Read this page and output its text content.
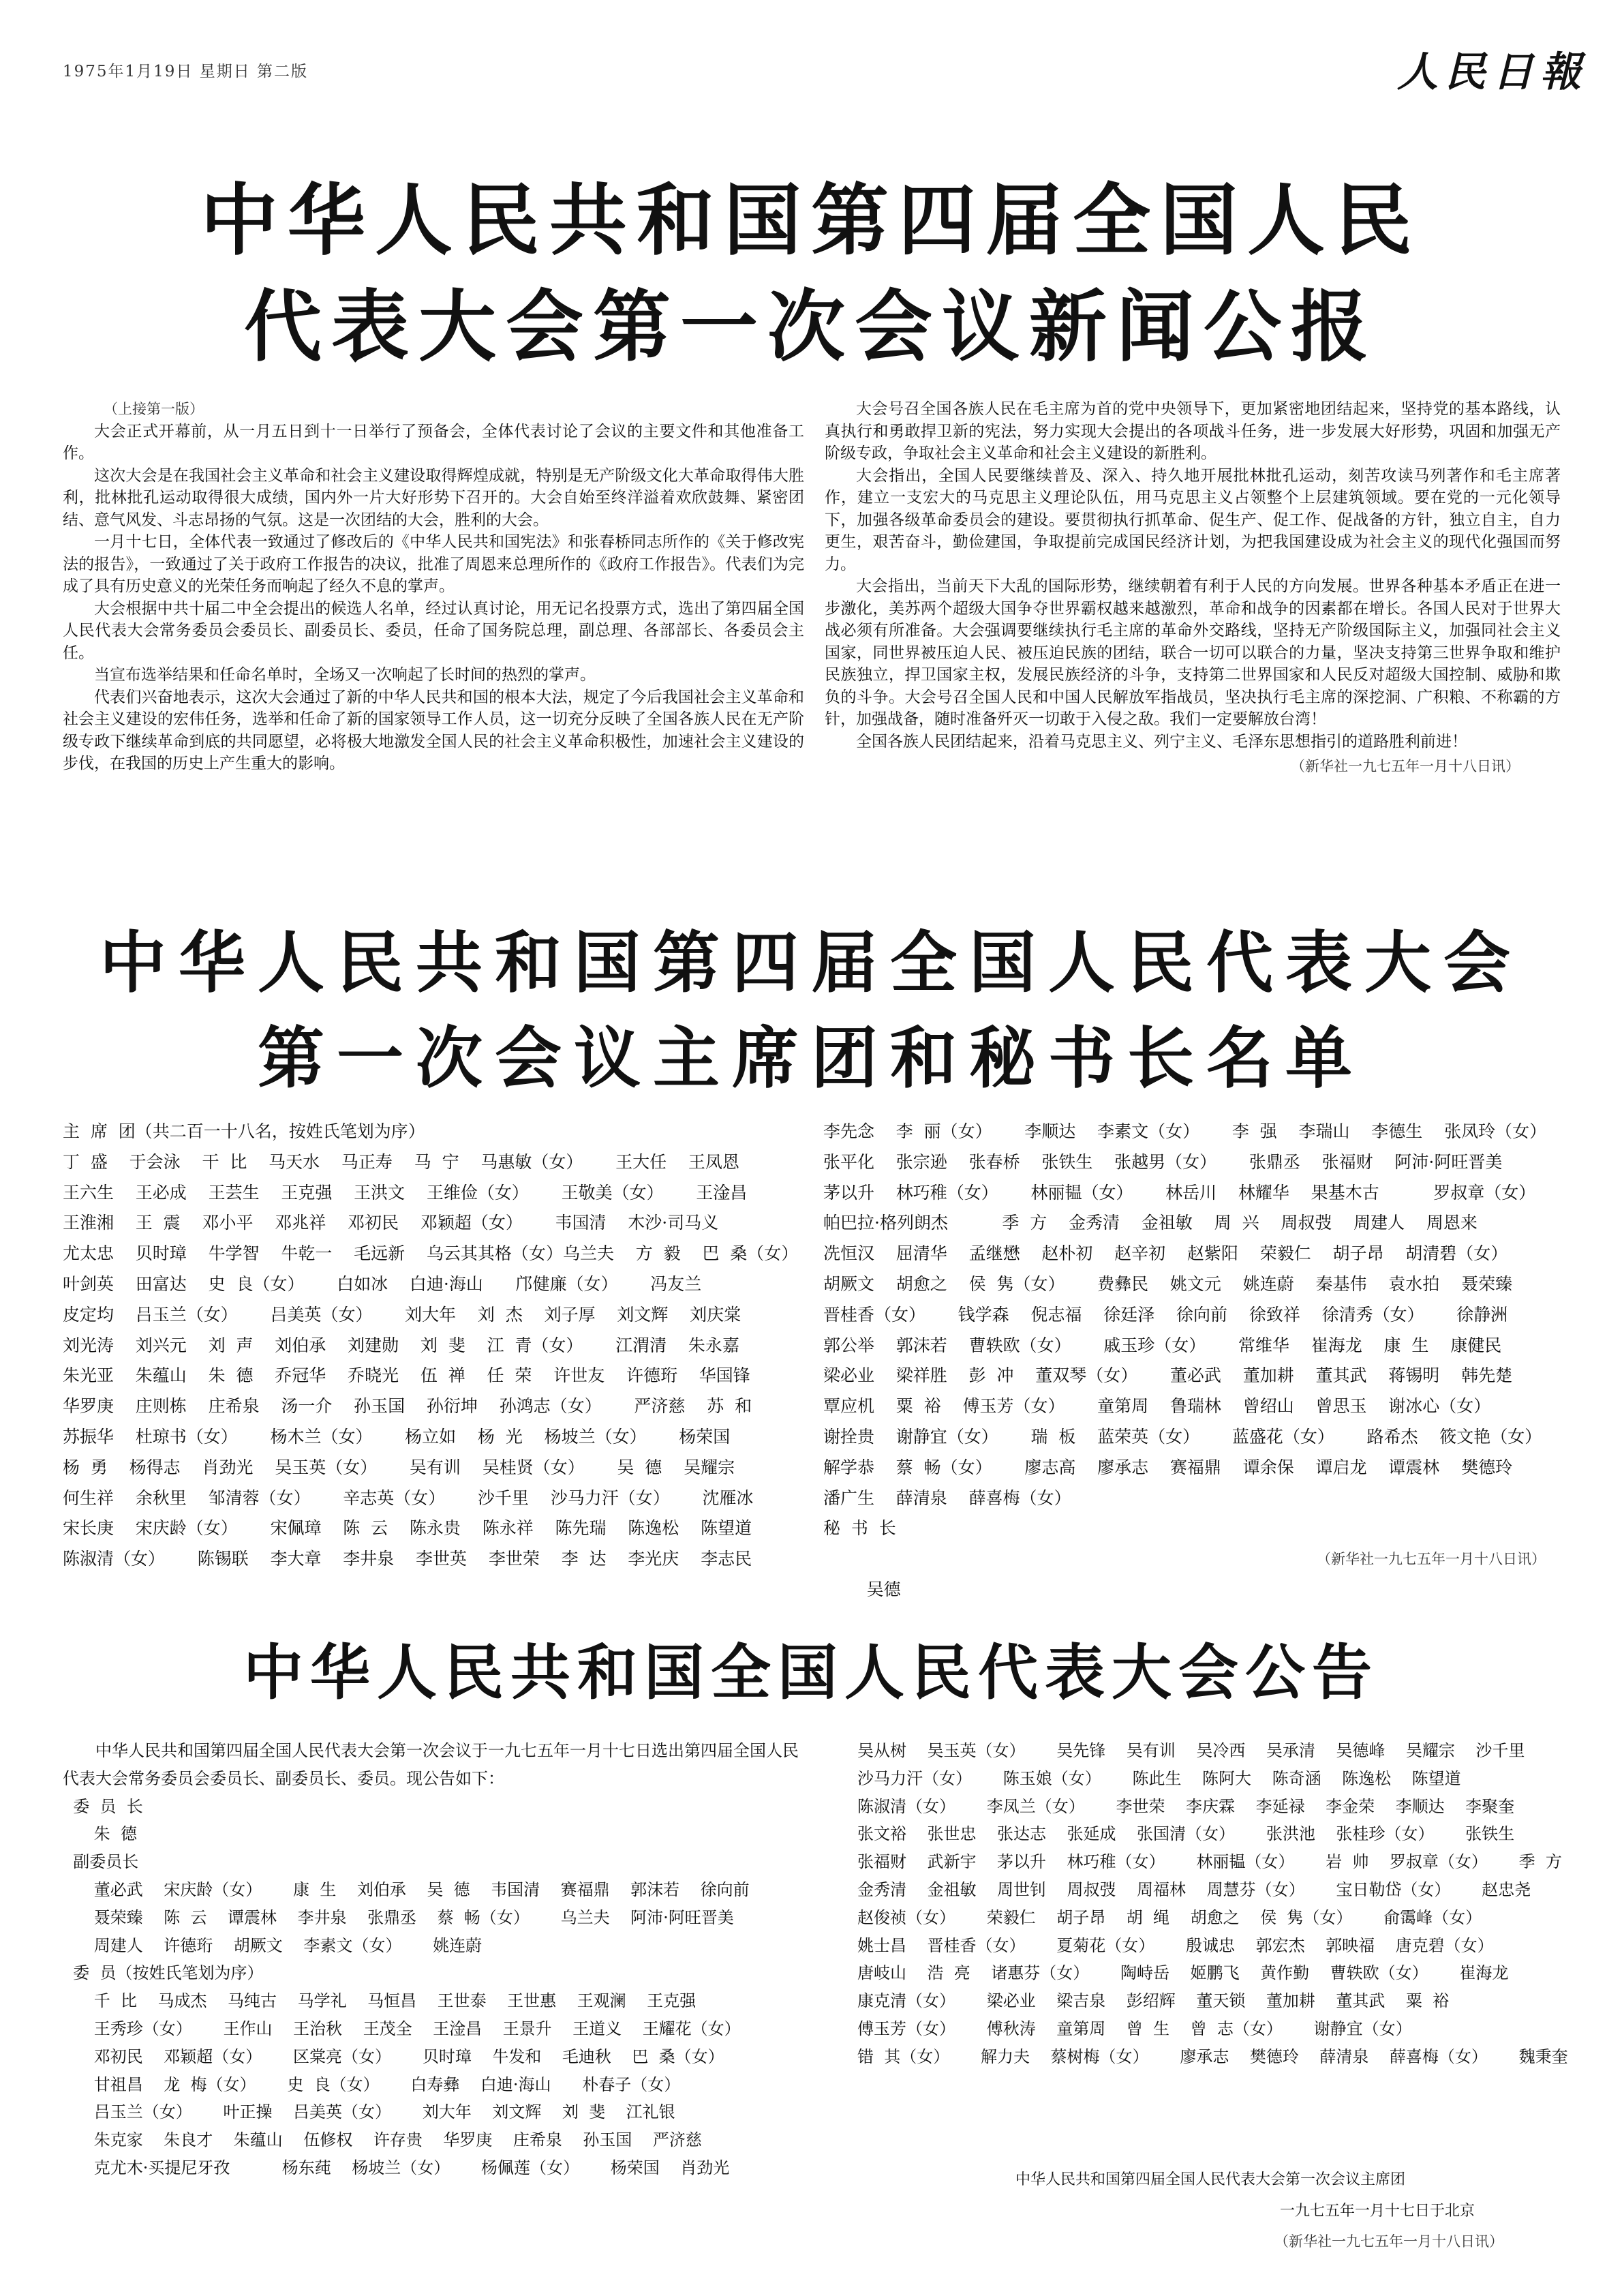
1975年1月19日 星期日 第二版	人民日報
中华人民共和国第四届全国人民
代表大会第一次会议新闻公报
（上接第一版）

大会正式开幕前，从一月五日到十一日举行了预备会，全体代表讨论了会议的主要文件和其他准备工作。

这次大会是在我国社会主义革命和社会主义建设取得辉煌成就，特别是无产阶级文化大革命取得伟大胜利，批林批孔运动取得很大成绩，国内外一片大好形势下召开的。大会自始至终洋溢着欢欣鼓舞、紧密团结、意气风发、斗志昂扬的气氛。这是一次团结的大会，胜利的大会。

一月十七日，全体代表一致通过了修改后的《中华人民共和国宪法》和张春桥同志所作的《关于修改宪法的报告》，一致通过了关于政府工作报告的决议，批准了周恩来总理所作的《政府工作报告》。代表们为完成了具有历史意义的光荣任务而响起了经久不息的掌声。

大会根据中共十届二中全会提出的候选人名单，经过认真讨论，用无记名投票方式，选出了第四届全国人民代表大会常务委员会委员长、副委员长、委员，任命了国务院总理，副总理、各部部长、各委员会主任。

当宣布选举结果和任命名单时，全场又一次响起了长时间的热烈的掌声。

代表们兴奋地表示，这次大会通过了新的中华人民共和国的根本大法，规定了今后我国社会主义革命和社会主义建设的宏伟任务，选举和任命了新的国家领导工作人员，这一切充分反映了全国各族人民在无产阶级专政下继续革命到底的共同愿望，必将极大地激发全国人民的社会主义革命积极性，加速社会主义建设的步伐，在我国的历史上产生重大的影响。

大会号召全国各族人民在毛主席为首的党中央领导下，更加紧密地团结起来，坚持党的基本路线，认真执行和勇敢捍卫新的宪法，努力实现大会提出的各项战斗任务，进一步发展大好形势，巩固和加强无产阶级专政，争取社会主义革命和社会主义建设的新胜利。

大会指出，全国人民要继续普及、深入、持久地开展批林批孔运动，刻苦攻读马列著作和毛主席著作，建立一支宏大的马克思主义理论队伍，用马克思主义占领整个上层建筑领域。要在党的一元化领导下，加强各级革命委员会的建设。要贯彻执行抓革命、促生产、促工作、促战备的方针，独立自主，自力更生，艰苦奋斗，勤俭建国，争取提前完成国民经济计划，为把我国建设成为社会主义的现代化强国而努力。

大会指出，当前天下大乱的国际形势，继续朝着有利于人民的方向发展。世界各种基本矛盾正在进一步激化，美苏两个超级大国争夺世界霸权越来越激烈，革命和战争的因素都在增长。各国人民对于世界大战必须有所准备。大会强调要继续执行毛主席的革命外交路线，坚持无产阶级国际主义，加强同社会主义国家，同世界被压迫人民、被压迫民族的团结，联合一切可以联合的力量，坚决支持第三世界争取和维护民族独立，捍卫国家主权，发展民族经济的斗争，支持第二世界国家和人民反对超级大国控制、威胁和欺负的斗争。大会号召全国人民和中国人民解放军指战员，坚决执行毛主席的深挖洞、广积粮、不称霸的方针，加强战备，随时准备歼灭一切敢于入侵之敌。我们一定要解放台湾！

全国各族人民团结起来，沿着马克思主义、列宁主义、毛泽东思想指引的道路胜利前进！

（新华社一九七五年一月十八日讯）
中华人民共和国第四届全国人民代表大会
第一次会议主席团和秘书长名单
主  席  团（共二百一十八名，按姓氏笔划为序）
丁  盛    于会泳    干  比    马天水    马正寿    马  宁    马惠敏（女）      王大任    王凤恩
王六生    王必成    王芸生    王克强    王洪文    王维俭（女）      王敬美（女）      王淦昌
王淮湘    王  震    邓小平    邓兆祥    邓初民    邓颖超（女）      韦国清    木沙·司马义
尤太忠    贝时璋    牛学智    牛乾一    毛远新    乌云其其格（女）乌兰夫    方  毅    巴  桑（女）
叶剑英    田富达    史  良（女）      白如冰    白迪·海山      邝健廉（女）      冯友兰
皮定均    吕玉兰（女）      吕美英（女）      刘大年    刘  杰    刘子厚    刘文辉    刘庆棠
刘光涛    刘兴元    刘  声    刘伯承    刘建勋    刘  斐    江  青（女）      江渭清    朱永嘉
朱光亚    朱蕴山    朱  德    乔冠华    乔晓光    伍  禅    任  荣    许世友    许德珩    华国锋
华罗庚    庄则栋    庄希泉    汤一介    孙玉国    孙衍坤    孙鸿志（女）      严济慈    苏  和
苏振华    杜琼书（女）      杨木兰（女）      杨立如    杨  光    杨坡兰（女）      杨荣国
杨  勇    杨得志    肖劲光    吴玉英（女）      吴有训    吴桂贤（女）      吴  德    吴耀宗
何生祥    余秋里    邹清蓉（女）      辛志英（女）      沙千里    沙马力汗（女）      沈雁冰
宋长庚    宋庆龄（女）      宋佩璋    陈  云    陈永贵    陈永祥    陈先瑞    陈逸松    陈望道
陈淑清（女）      陈锡联    李大章    李井泉    李世英    李世荣    李  达    李光庆    李志民
李先念    李  丽（女）      李顺达    李素文（女）      李  强    李瑞山    李德生    张凤玲（女）
张平化    张宗逊    张春桥    张铁生    张越男（女）      张鼎丞    张福财    阿沛·阿旺晋美
茅以升    林巧稚（女）      林丽韫（女）      林岳川    林耀华    果基木古          罗叔章（女）
帕巴拉·格列朗杰          季  方    金秀清    金祖敏    周  兴    周叔弢    周建人    周恩来
冼恒汉    屈清华    孟继懋    赵朴初    赵辛初    赵紫阳    荣毅仁    胡子昂    胡清碧（女）
胡厥文    胡愈之    侯  隽（女）      费彝民    姚文元    姚连蔚    秦基伟    袁水拍    聂荣臻
晋桂香（女）      钱学森    倪志福    徐廷泽    徐向前    徐致祥    徐清秀（女）      徐静洲
郭公举    郭沫若    曹轶欧（女）      戚玉珍（女）      常维华    崔海龙    康  生    康健民
梁必业    梁祥胜    彭  冲    董双琴（女）      董必武    董加耕    董其武    蒋锡明    韩先楚
覃应机    粟  裕    傅玉芳（女）      童第周    鲁瑞林    曾绍山    曾思玉    谢冰心（女）
谢拴贵    谢静宜（女）      瑞  板    蓝荣英（女）      蓝盛花（女）      路希杰    筱文艳（女）
解学恭    蔡  畅（女）      廖志高    廖承志    赛福鼎    谭余保    谭启龙    谭震林    樊德玲
潘广生    薛清泉    薛喜梅（女）
秘  书  长

吴德

（新华社一九七五年一月十八日讯）

中华人民共和国全国人民代表大会公告
中华人民共和国第四届全国人民代表大会第一次会议于一九七五年一月十七日选出第四届全国人民代表大会常务委员会委员长、副委员长、委员。现公告如下：
委  员  长
朱  德
副委员长
董必武    宋庆龄（女）      康  生    刘伯承    吴  德    韦国清    赛福鼎    郭沫若    徐向前
聂荣臻    陈  云    谭震林    李井泉    张鼎丞    蔡  畅（女）      乌兰夫    阿沛·阿旺晋美
周建人    许德珩    胡厥文    李素文（女）      姚连蔚
委  员（按姓氏笔划为序）
千  比    马成杰    马纯古    马学礼    马恒昌    王世泰    王世惠    王观澜    王克强
王秀珍（女）      王作山    王治秋    王茂全    王淦昌    王景升    王道义    王耀花（女）
邓初民    邓颖超（女）      区棠亮（女）      贝时璋    牛发和    毛迪秋    巴  桑（女）
甘祖昌    龙  梅（女）      史  良（女）      白寿彝    白迪·海山      朴春子（女）
吕玉兰（女）      叶正操    吕美英（女）      刘大年    刘文辉    刘  斐    江礼银
朱克家    朱良才    朱蕴山    伍修权    许存贵    华罗庚    庄希泉    孙玉国    严济慈
克尤木·买提尼牙孜          杨东莼    杨坡兰（女）      杨佩莲（女）      杨荣国    肖劲光
吴从树    吴玉英（女）      吴先锋    吴有训    吴冷西    吴承清    吴德峰    吴耀宗    沙千里
沙马力汗（女）      陈玉娘（女）      陈此生    陈阿大    陈奇涵    陈逸松    陈望道
陈淑清（女）      李凤兰（女）      李世荣    李庆霖    李延禄    李金荣    李顺达    李聚奎
张文裕    张世忠    张达志    张延成    张国清（女）      张洪池    张桂珍（女）      张铁生
张福财    武新宇    茅以升    林巧稚（女）      林丽韫（女）      岩  帅    罗叔章（女）      季  方
金秀清    金祖敏    周世钊    周叔弢    周福林    周慧芬（女）      宝日勒岱（女）      赵忠尧
赵俊祯（女）      荣毅仁    胡子昂    胡  绳    胡愈之    侯  隽（女）      俞霭峰（女）
姚士昌    晋桂香（女）      夏菊花（女）      殷诚忠    郭宏杰    郭映福    唐克碧（女）
唐岐山    浩  亮    诸惠芬（女）      陶峙岳    姬鹏飞    黄作勤    曹轶欧（女）      崔海龙
康克清（女）      梁必业    梁吉泉    彭绍辉    董天锁    董加耕    董其武    粟  裕
傅玉芳（女）      傅秋涛    童第周    曾  生    曾  志（女）      谢静宜（女）
错  其（女）      解力夫    蔡树梅（女）      廖承志    樊德玲    薛清泉    薛喜梅（女）      魏秉奎
中华人民共和国第四届全国人民代表大会第一次会议主席团
一九七五年一月十七日于北京
（新华社一九七五年一月十八日讯）
